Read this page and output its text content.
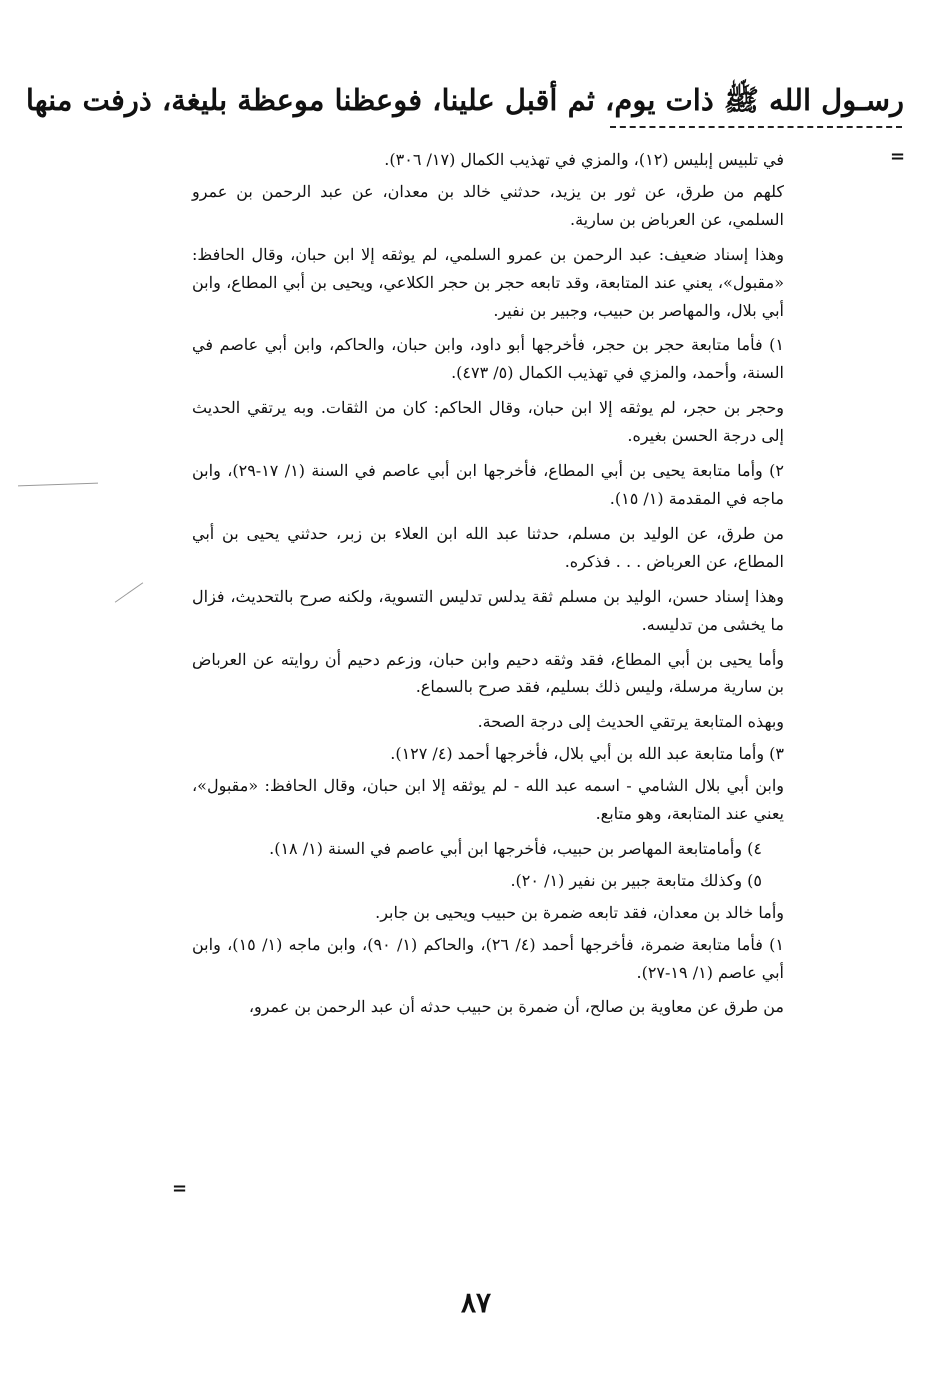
رسـول الله ﷺ ذات يوم، ثم أقبل علينا، فوعظنا موعظة بليغة، ذرفت منها
=

في تلبيس إبليس (١٢)، والمزي في تهذيب الكمال (١٧/ ٣٠٦).

كلهم من طرق، عن ثور بن يزيد، حدثني خالد بن معدان، عن عبد الرحمن بن عمرو السلمي، عن العرباض بن سارية.

وهذا إسناد ضعيف: عبد الرحمن بن عمرو السلمي، لم يوثقه إلا ابن حبان، وقال الحافظ: «مقبول»، يعني عند المتابعة، وقد تابعه حجر بن حجر الكلاعي، ويحيى بن أبي المطاع، وابن أبي بلال، والمهاصر بن حبيب، وجبير بن نفير.

١) فأما متابعة حجر بن حجر، فأخرجها أبو داود، وابن حبان، والحاكم، وابن أبي عاصم في السنة، وأحمد، والمزي في تهذيب الكمال (٥/ ٤٧٣).

وحجر بن حجر، لم يوثقه إلا ابن حبان، وقال الحاكم: كان من الثقات. وبه يرتقي الحديث إلى درجة الحسن بغيره.

٢) وأما متابعة يحيى بن أبي المطاع، فأخرجها ابن أبي عاصم في السنة (١/ ١٧-٢٩)، وابن ماجه في المقدمة (١/ ١٥).

من طرق، عن الوليد بن مسلم، حدثنا عبد الله ابن العلاء بن زبر، حدثني يحيى بن أبي المطاع، عن العرباض . . . فذكره.

وهذا إسناد حسن، الوليد بن مسلم ثقة يدلس تدليس التسوية، ولكنه صرح بالتحديث، فزال ما يخشى من تدليسه.

وأما يحيى بن أبي المطاع، فقد وثقه دحيم وابن حبان، وزعم دحيم أن روايته عن العرباض بن سارية مرسلة، وليس ذلك بسليم، فقد صرح بالسماع.

وبهذه المتابعة يرتقي الحديث إلى درجة الصحة.

٣) وأما متابعة عبد الله بن أبي بلال، فأخرجها أحمد (٤/ ١٢٧).

وابن أبي بلال الشامي - اسمه عبد الله - لم يوثقه إلا ابن حبان، وقال الحافظ: «مقبول»، يعني عند المتابعة، وهو متابع.

٤) وأمامتابعة المهاصر بن حبيب، فأخرجها ابن أبي عاصم في السنة (١/ ١٨).

٥) وكذلك متابعة جبير بن نفير (١/ ٢٠).

وأما خالد بن معدان، فقد تابعه ضمرة بن حبيب ويحيى بن جابر.

١) فأما متابعة ضمرة، فأخرجها أحمد (٤/ ٢٦)، والحاكم (١/ ٩٠)، وابن ماجه (١/ ١٥)، وابن أبي عاصم (١/ ١٩-٢٧).

من طرق عن معاوية بن صالح، أن ضمرة بن حبيب حدثه أن عبد الرحمن بن عمرو،

=
٨٧
